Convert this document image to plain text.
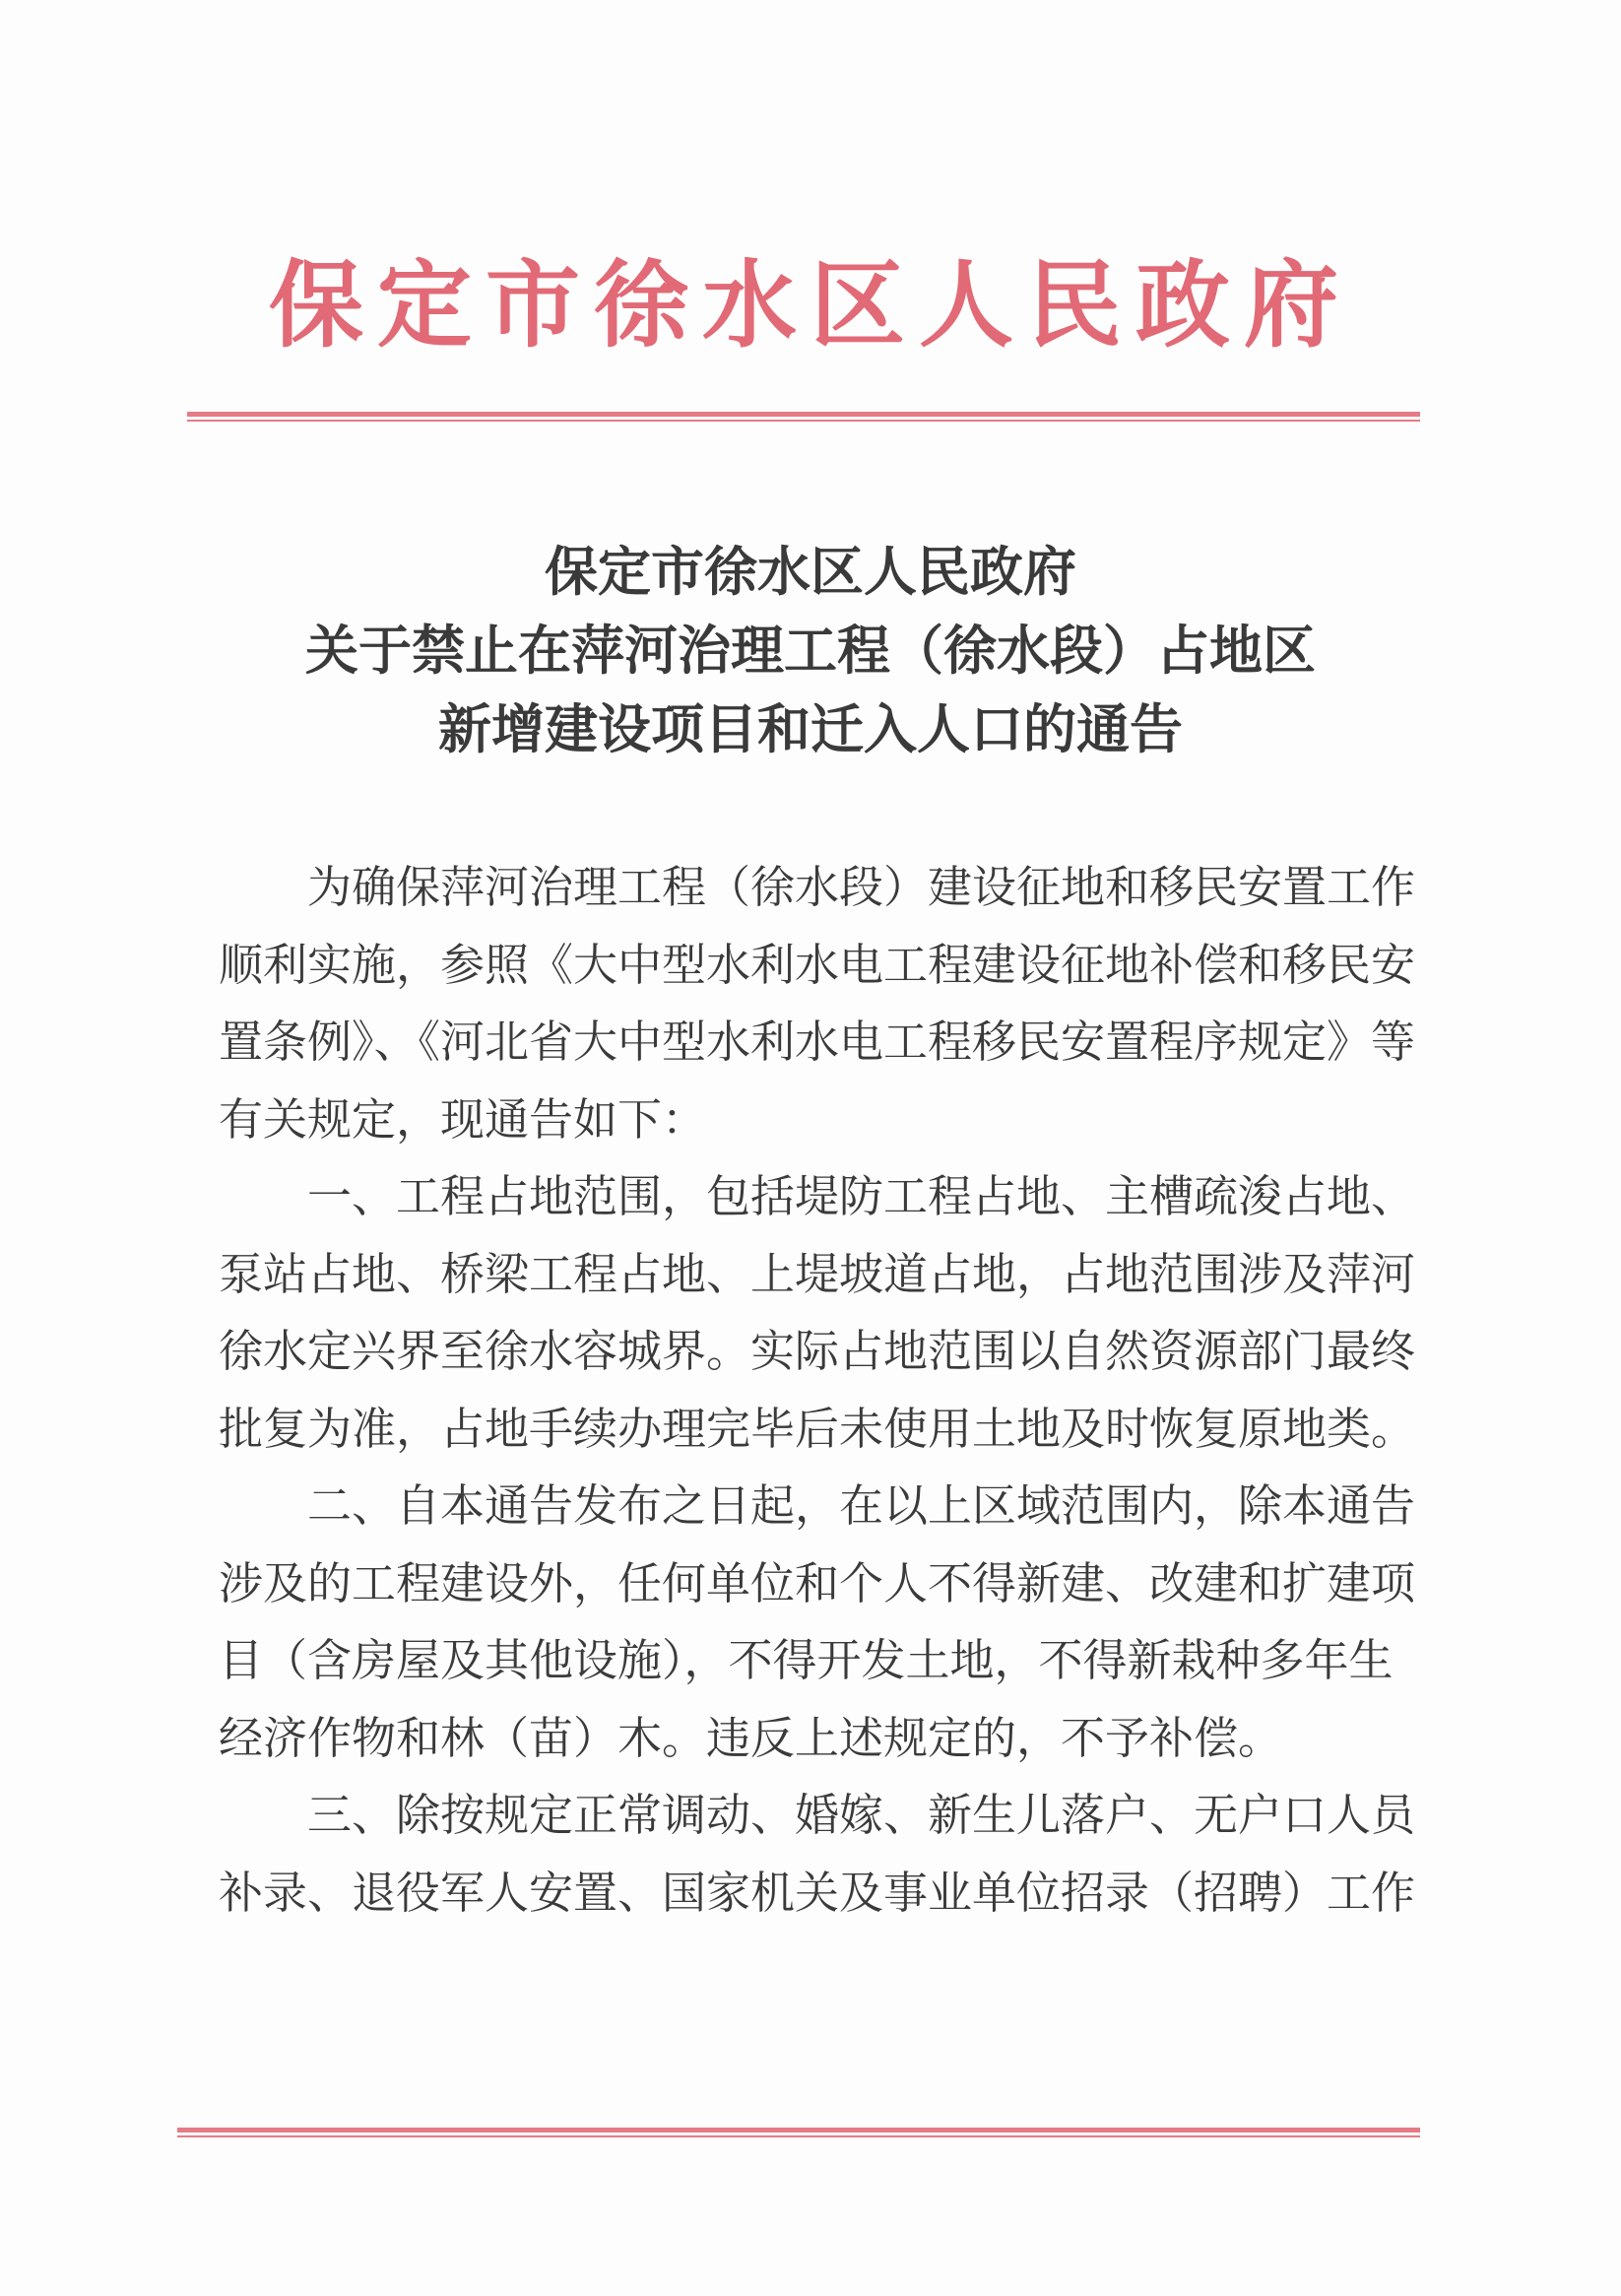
保定市徐水区人民政府
保定市徐水区人民政府
关于禁止在萍河治理工程（徐水段）占地区
新增建设项目和迁入人口的通告
为确保萍河治理工程（徐水段）建设征地和移民安置工作
顺利实施，参照《大中型水利水电工程建设征地补偿和移民安
置条例》、《河北省大中型水利水电工程移民安置程序规定》等
有关规定，现通告如下：
一、工程占地范围，包括堤防工程占地、主槽疏浚占地、
泵站占地、桥梁工程占地、上堤坡道占地，占地范围涉及萍河
徐水定兴界至徐水容城界。实际占地范围以自然资源部门最终
批复为准，占地手续办理完毕后未使用土地及时恢复原地类。
二、自本通告发布之日起，在以上区域范围内，除本通告
涉及的工程建设外，任何单位和个人不得新建、改建和扩建项
目（含房屋及其他设施），不得开发土地，不得新栽种多年生
经济作物和林（苗）木。违反上述规定的，不予补偿。
三、除按规定正常调动、婚嫁、新生儿落户、无户口人员
补录、退役军人安置、国家机关及事业单位招录（招聘）工作
